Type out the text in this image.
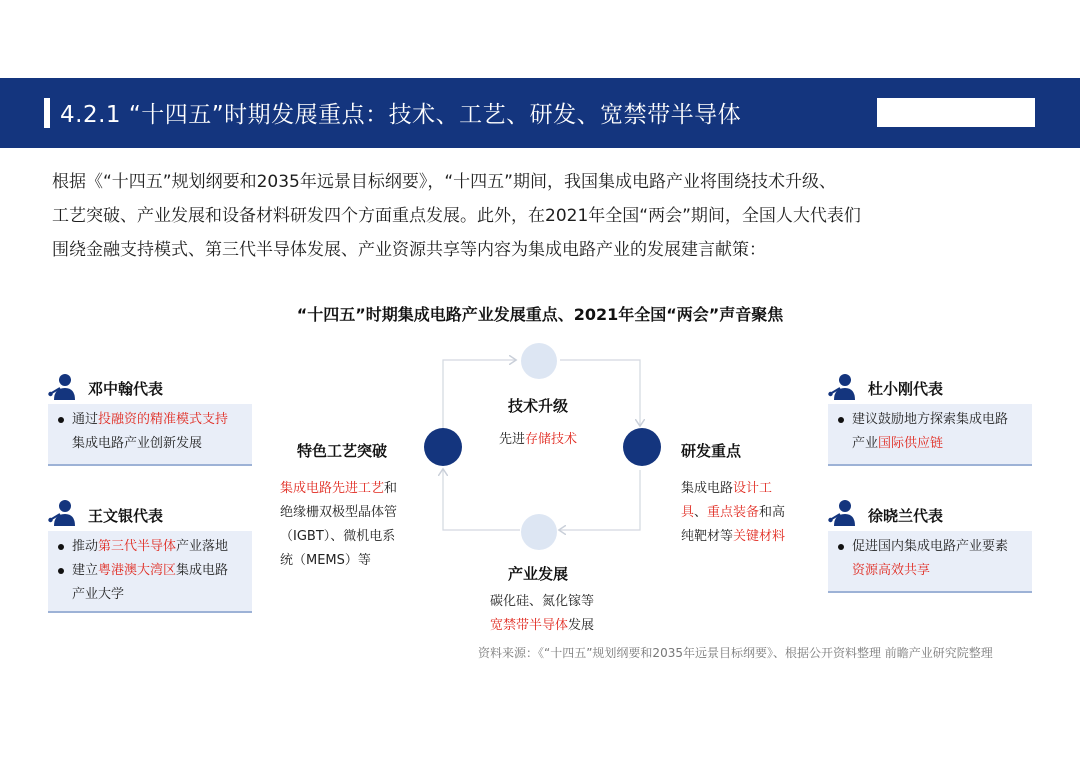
4.2.1 “十四五”时期发展重点：技术、工艺、研发、宽禁带半导体

根据《“十四五”规划纲要和2035年远景目标纲要》，“十四五”期间，我国集成电路产业将围绕技术升级、

工艺突破、产业发展和设备材料研发四个方面重点发展。此外，在2021年全国“两会”期间，全国人大代表们

围绕金融支持模式、第三代半导体发展、产业资源共享等内容为集成电路产业的发展建言献策：

“十四五”时期集成电路产业发展重点、2021年全国“两会”声音聚焦
技术升级
先进存储技术
研发重点
集成电路设计工
具、重点装备和高
纯靶材等关键材料
产业发展
碳化硅、氮化镓等
宽禁带半导体发展
特色工艺突破
集成电路先进工艺和
绝缘栅双极型晶体管
（IGBT）、微机电系
统（MEMS）等
邓中翰代表
通过投融资的精准模式支持
集成电路产业创新发展
王文银代表
推动第三代半导体产业落地
建立粤港澳大湾区集成电路
产业大学
杜小刚代表
建议鼓励地方探索集成电路
产业国际供应链
徐晓兰代表
促进国内集成电路产业要素
资源高效共享
资料来源：《“十四五”规划纲要和2035年远景目标纲要》、根据公开资料整理 前瞻产业研究院整理
